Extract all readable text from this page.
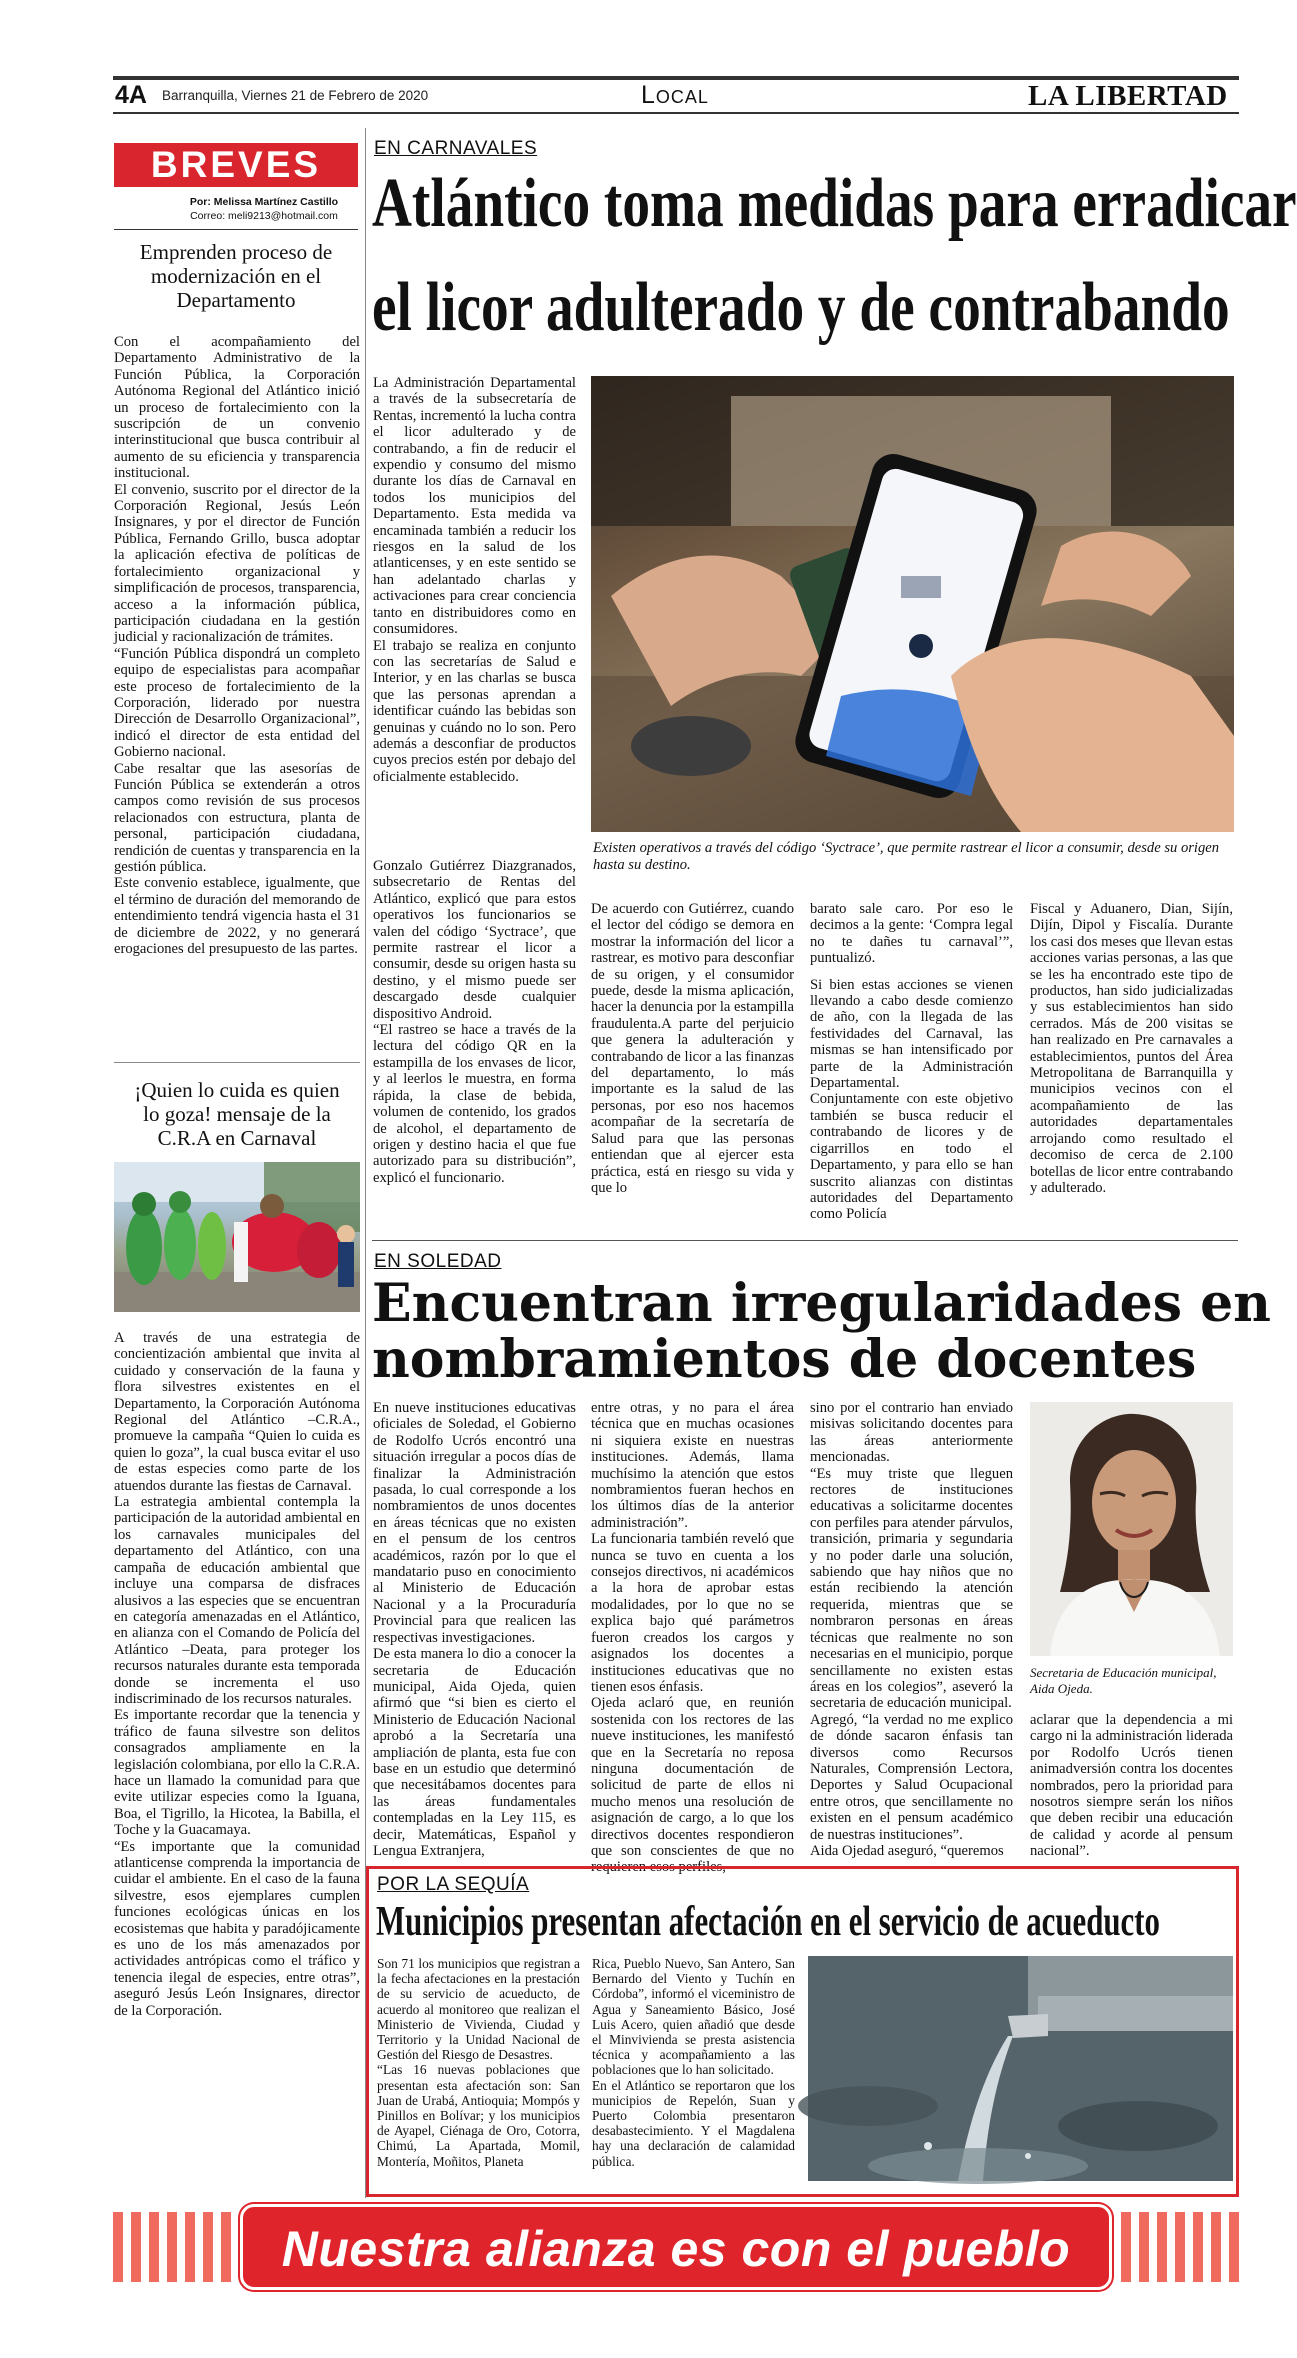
4A Barranquilla, Viernes 21 de Febrero de 2020	Local	LA LIBERTAD
BREVES
Por: Melissa Martínez Castillo
Correo: meli9213@hotmail.com
Emprenden proceso de modernización en el Departamento

Con el acompañamiento del Departamento Administrativo de la Función Pública, la Corporación Autónoma Regional del Atlántico inició un proceso de fortalecimiento con la suscripción de un convenio interinstitucional que busca contribuir al aumento de su eficiencia y transparencia institucional.

El convenio, suscrito por el director de la Corporación Regional, Jesús León Insignares, y por el director de Función Pública, Fernando Grillo, busca adoptar la aplicación efectiva de políticas de fortalecimiento organizacional y simplificación de procesos, transparencia, acceso a la información pública, participación ciudadana en la gestión judicial y racionalización de trámites.

“Función Pública dispondrá un completo equipo de especialistas para acompañar este proceso de fortalecimiento de la Corporación, liderado por nuestra Dirección de Desarrollo Organizacional”, indicó el director de esta entidad del Gobierno nacional.

Cabe resaltar que las asesorías de Función Pública se extenderán a otros campos como revisión de sus procesos relacionados con estructura, planta de personal, participación ciudadana, rendición de cuentas y transparencia en la gestión pública.

Este convenio establece, igualmente, que el término de duración del memorando de entendimiento tendrá vigencia hasta el 31 de diciembre de 2022, y no generará erogaciones del presupuesto de las partes.

¡Quien lo cuida es quien lo goza! mensaje de la C.R.A en Carnaval

A través de una estrategia de concientización ambiental que invita al cuidado y conservación de la fauna y flora silvestres existentes en el Departamento, la Corporación Autónoma Regional del Atlántico –C.R.A., promueve la campaña “Quien lo cuida es quien lo goza”, la cual busca evitar el uso de estas especies como parte de los atuendos durante las fiestas de Carnaval.

La estrategia ambiental contempla la participación de la autoridad ambiental en los carnavales municipales del departamento del Atlántico, con una campaña de educación ambiental que incluye una comparsa de disfraces alusivos a las especies que se encuentran en categoría amenazadas en el Atlántico, en alianza con el Comando de Policía del Atlántico –Deata, para proteger los recursos naturales durante esta temporada donde se incrementa el uso indiscriminado de los recursos naturales.

Es importante recordar que la tenencia y tráfico de fauna silvestre son delitos consagrados ampliamente en la legislación colombiana, por ello la C.R.A. hace un llamado la comunidad para que evite utilizar especies como la Iguana, Boa, el Tigrillo, la Hicotea, la Babilla, el Toche y la Guacamaya.

“Es importante que la comunidad atlanticense comprenda la importancia de cuidar el ambiente. En el caso de la fauna silvestre, esos ejemplares cumplen funciones ecológicas únicas en los ecosistemas que habita y paradójicamente es uno de los más amenazados por actividades antrópicas como el tráfico y tenencia ilegal de especies, entre otras”, aseguró Jesús León Insignares, director de la Corporación.

EN CARNAVALES
Atlántico toma medidas para erradicar
el licor adulterado y de contrabando

La Administración Departamental a través de la subsecretaría de Rentas, incrementó la lucha contra el licor adulterado y de contrabando, a fin de reducir el expendio y consumo del mismo durante los días de Carnaval en todos los municipios del Departamento. Esta medida va encaminada también a reducir los riesgos en la salud de los atlanticenses, y en este sentido se han adelantado charlas y activaciones para crear conciencia tanto en distribuidores como en consumidores.

El trabajo se realiza en conjunto con las secretarías de Salud e Interior, y en las charlas se busca que las personas aprendan a identificar cuándo las bebidas son genuinas y cuándo no lo son. Pero además a desconfiar de productos cuyos precios estén por debajo del oficialmente establecido.

Existen operativos a través del código ‘Syctrace’, que permite rastrear el licor a consumir, desde su origen hasta su destino.

Gonzalo Gutiérrez Diazgranados, subsecretario de Rentas del Atlántico, explicó que para estos operativos los funcionarios se valen del código ‘Syctrace’, que permite rastrear el licor a consumir, desde su origen hasta su destino, y el mismo puede ser descargado desde cualquier dispositivo Android.

“El rastreo se hace a través de la lectura del código QR en la estampilla de los envases de licor, y al leerlos le muestra, en forma rápida, la clase de bebida, volumen de contenido, los grados de alcohol, el departamento de origen y destino hacia el que fue autorizado para su distribución”, explicó el funcionario.

De acuerdo con Gutiérrez, cuando el lector del código se demora en mostrar la información del licor a rastrear, es motivo para desconfiar de su origen, y el consumidor puede, desde la misma aplicación, hacer la denuncia por la estampilla fraudulenta.A parte del perjuicio que genera la adulteración y contrabando de licor a las finanzas del departamento, lo más importante es la salud de las personas, por eso nos hacemos acompañar de la secretaría de Salud para que las personas entiendan que al ejercer esta práctica, está en riesgo su vida y que lo

barato sale caro. Por eso le decimos a la gente: ‘Compra legal no te dañes tu carnaval’”, puntualizó.

Si bien estas acciones se vienen llevando a cabo desde comienzo de año, con la llegada de las festividades del Carnaval, las mismas se han intensificado por parte de la Administración Departamental.

Conjuntamente con este objetivo también se busca reducir el contrabando de licores y de cigarrillos en todo el Departamento, y para ello se han suscrito alianzas con distintas autoridades del Departamento como Policía

Fiscal y Aduanero, Dian, Sijín, Dijín, Dipol y Fiscalía. Durante los casi dos meses que llevan estas acciones varias personas, a las que se les ha encontrado este tipo de productos, han sido judicializadas y sus establecimientos han sido cerrados. Más de 200 visitas se han realizado en Pre carnavales a establecimientos, puntos del Área Metropolitana de Barranquilla y municipios vecinos con el acompañamiento de las autoridades departamentales arrojando como resultado el decomiso de cerca de 2.100 botellas de licor entre contrabando y adulterado.

EN SOLEDAD
Encuentran irregularidades en
nombramientos de docentes

En nueve instituciones educativas oficiales de Soledad, el Gobierno de Rodolfo Ucrós encontró una situación irregular a pocos días de finalizar la Administración pasada, lo cual corresponde a los nombramientos de unos docentes en áreas técnicas que no existen en el pensum de los centros académicos, razón por lo que el mandatario puso en conocimiento al Ministerio de Educación Nacional y a la Procuraduría Provincial para que realicen las respectivas investigaciones.

De esta manera lo dio a conocer la secretaria de Educación municipal, Aida Ojeda, quien afirmó que “si bien es cierto el Ministerio de Educación Nacional aprobó a la Secretaría una ampliación de planta, esta fue con base en un estudio que determinó que necesitábamos docentes para las áreas fundamentales contempladas en la Ley 115, es decir, Matemáticas, Español y Lengua Extranjera,

entre otras, y no para el área técnica que en muchas ocasiones ni siquiera existe en nuestras instituciones. Además, llama muchísimo la atención que estos nombramientos fueran hechos en los últimos días de la anterior administración”.

La funcionaria también reveló que nunca se tuvo en cuenta a los consejos directivos, ni académicos a la hora de aprobar estas modalidades, por lo que no se explica bajo qué parámetros fueron creados los cargos y asignados los docentes a instituciones educativas que no tienen esos énfasis.

Ojeda aclaró que, en reunión sostenida con los rectores de las nueve instituciones, les manifestó que en la Secretaría no reposa ninguna documentación de solicitud de parte de ellos ni mucho menos una resolución de asignación de cargo, a lo que los directivos docentes respondieron que son conscientes de que no requieren esos perfiles,

sino por el contrario han enviado misivas solicitando docentes para las áreas anteriormente mencionadas.

“Es muy triste que lleguen rectores de instituciones educativas a solicitarme docentes con perfiles para atender párvulos, transición, primaria y segundaria y no poder darle una solución, sabiendo que hay niños que no están recibiendo la atención requerida, mientras que se nombraron personas en áreas técnicas que realmente no son necesarias en el municipio, porque sencillamente no existen estas áreas en los colegios”, aseveró la secretaria de educación municipal.

Agregó, “la verdad no me explico de dónde sacaron énfasis tan diversos como Recursos Naturales, Comprensión Lectora, Deportes y Salud Ocupacional entre otros, que sencillamente no existen en el pensum académico de nuestras instituciones”.

Aida Ojedad aseguró, “queremos

Secretaria de Educación municipal, Aida Ojeda.

aclarar que la dependencia a mi cargo ni la administración liderada por Rodolfo Ucrós tienen animadversión contra los docentes nombrados, pero la prioridad para nosotros siempre serán los niños que deben recibir una educación de calidad y acorde al pensum nacional”.

POR LA SEQUÍA
Municipios presentan afectación en el servicio de acueducto

Son 71 los municipios que registran a la fecha afectaciones en la prestación de su servicio de acueducto, de acuerdo al monitoreo que realizan el Ministerio de Vivienda, Ciudad y Territorio y la Unidad Nacional de Gestión del Riesgo de Desastres.

“Las 16 nuevas poblaciones que presentan esta afectación son: San Juan de Urabá, Antioquia; Mompós y Pinillos en Bolívar; y los municipios de Ayapel, Ciénaga de Oro, Cotorra, Chimú, La Apartada, Momil, Montería, Moñitos, Planeta

Rica, Pueblo Nuevo, San Antero, San Bernardo del Viento y Tuchín en Córdoba”, informó el viceministro de Agua y Saneamiento Básico, José Luis Acero, quien añadió que desde el Minvivienda se presta asistencia técnica y acompañamiento a las poblaciones que lo han solicitado.

En el Atlántico se reportaron que los municipios de Repelón, Suan y Puerto Colombia presentaron desabastecimiento. Y el Magdalena hay una declaración de calamidad pública.

Nuestra alianza es con el pueblo
